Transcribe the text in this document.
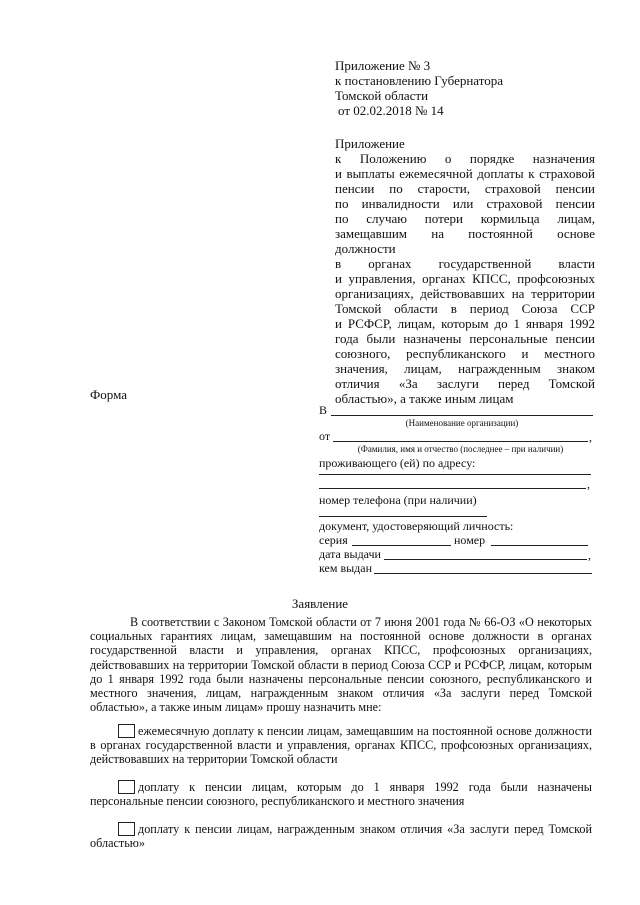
Приложение № 3
к постановлению Губернатора
Томской области
от 02.02.2018 № 14
Приложение
к Положению о порядке назначения
и выплаты ежемесячной доплаты к страховой
пенсии по старости, страховой пенсии
по инвалидности или страховой пенсии
по случаю потери кормильца лицам,
замещавшим на постоянной основе должности
в органах государственной власти
и управления, органах КПСС, профсоюзных
организациях, действовавших на территории
Томской области в период Союза ССР
и РСФСР, лицам, которым до 1 января 1992
года были назначены персональные пенсии
союзного, республиканского и местного
значения, лицам, награжденным знаком
отличия «За заслуги перед Томской
областью», а также иным лицам
Форма
В
(Наименование организации)
от	,
(Фамилия, имя и отчество (последнее – при наличии)
проживающего (ей) по адресу:
,
номер телефона (при наличии)
документ, удостоверяющий личность:
серия	номер
дата выдачи	,
кем выдан
Заявление
В соответствии с Законом Томской области от 7 июня 2001 года № 66-ОЗ «О некоторых социальных гарантиях лицам, замещавшим на постоянной основе должности в органах государственной власти и управления, органах КПСС, профсоюзных организациях, действовавших на территории Томской области в период Союза ССР и РСФСР, лицам, которым до 1 января 1992 года были назначены персональные пенсии союзного, республиканского и местного значения, лицам, награжденным знаком отличия «За заслуги перед Томской областью», а также иным лицам» прошу назначить мне:
ежемесячную доплату к пенсии лицам, замещавшим на постоянной основе должности в органах государственной власти и управления, органах КПСС, профсоюзных организациях, действовавших на территории Томской области
доплату к пенсии лицам, которым до 1 января 1992 года были назначены персональные пенсии союзного, республиканского и местного значения
доплату к пенсии лицам, награжденным знаком отличия «За заслуги перед Томской областью»
